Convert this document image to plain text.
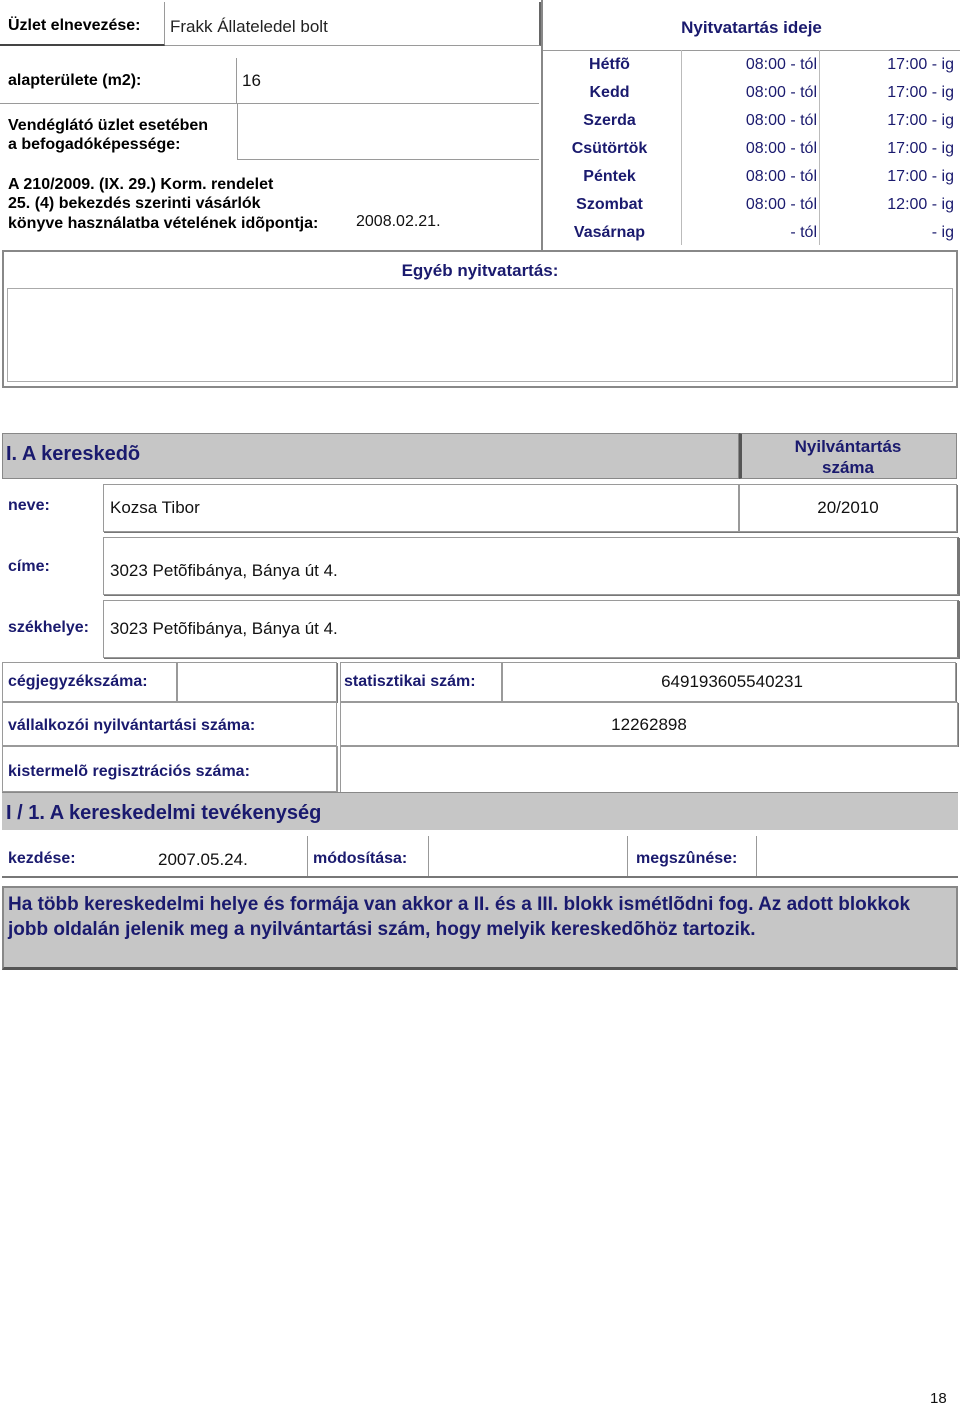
Üzlet elnevezése: Frakk Állateledel bolt
alapterülete (m2):	16
Vendéglátó üzlet esetében
a befogadóképessége:
A 210/2009. (IX. 29.) Korm. rendelet
25. (4) bekezdés szerinti vásárlók
könyve használatba vételének idõpontja: 2008.02.21.
Nyitvatartás ideje
Hétfõ	08:00 - tól	17:00 - ig
Kedd	08:00 - tól	17:00 - ig
Szerda	08:00 - tól	17:00 - ig
Csütörtök	08:00 - tól	17:00 - ig
Péntek	08:00 - tól	17:00 - ig
Szombat	08:00 - tól	12:00 - ig
Vasárnap	- tól	- ig
Egyéb nyitvatartás:
I. A kereskedõ	Nyilvántartás
száma
neve:	Kozsa Tibor	20/2010
címe:	3023 Petõfibánya, Bánya út 4.
székhelye: 3023 Petõfibánya, Bánya út 4.
cégjegyzékszáma:	statisztikai szám:	649193605540231
vállalkozói nyilvántartási száma:	12262898
kistermelõ regisztrációs száma:
I / 1. A kereskedelmi tevékenység
kezdése:	2007.05.24.	módosítása:	megszûnése:
Ha több kereskedelmi helye és formája van akkor a II. és a III. blokk ismétlõdni fog. Az adott blokkok jobb oldalán jelenik meg a nyilvántartási szám, hogy melyik kereskedõhöz tartozik.
18
